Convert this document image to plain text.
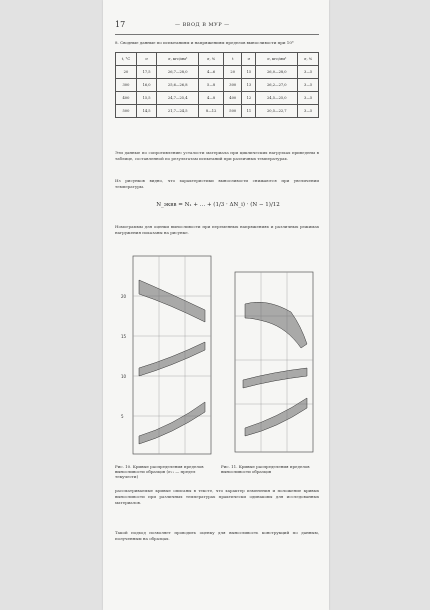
17	— ВВОД В МУР —
8. Сводные данные по испытаниям и напряжениям пределов выносливости при 10⁸
t, °C	σ	σ, кгс/мм²	σ, %	t	σ	σ, кгс/мм²	σ, %
20	17,5	26,7—28,0	4—6	20	15	26,0—28,0	3—5
300	16,0	25,6—26,8	5—8	300	13	26,2—27,0	3—5
400	15,5	24,7—25,4	4—8	400	12	24,5—25,0	3—5
500	14,5	21,7—24,5	8—12	500	11	20,5—22,7	3—5
Эти данные по сопротивлению усталости материала при циклических нагрузках приведены в таблице, составленной по результатам испытаний при различных температурах.
Из рисунков видно, что характеристики выносливости снижаются при увеличении температуры.
N_эквв = N₁ + … + (1/3 · ΔN_i) · (N − 1)/12
Номограммы для оценки выносливости при переменных напряжениях и различных режимах нагружения показаны на рисунке.
20
15
10
5
Рис. 10. Кривые распределения пределов выносливости образцов (σ₁₁ — предел текучести)
Рис. 11. Кривые распределения пределов выносливости образцов
рассматриваемые кривые описаны в тексте, что характер изменения и положение кривых выносливости при различных температурах практически одинаковы для исследованных материалов.
Такой подход позволяет проводить оценку для выносливость конструкций по данным, полученным на образцах.
